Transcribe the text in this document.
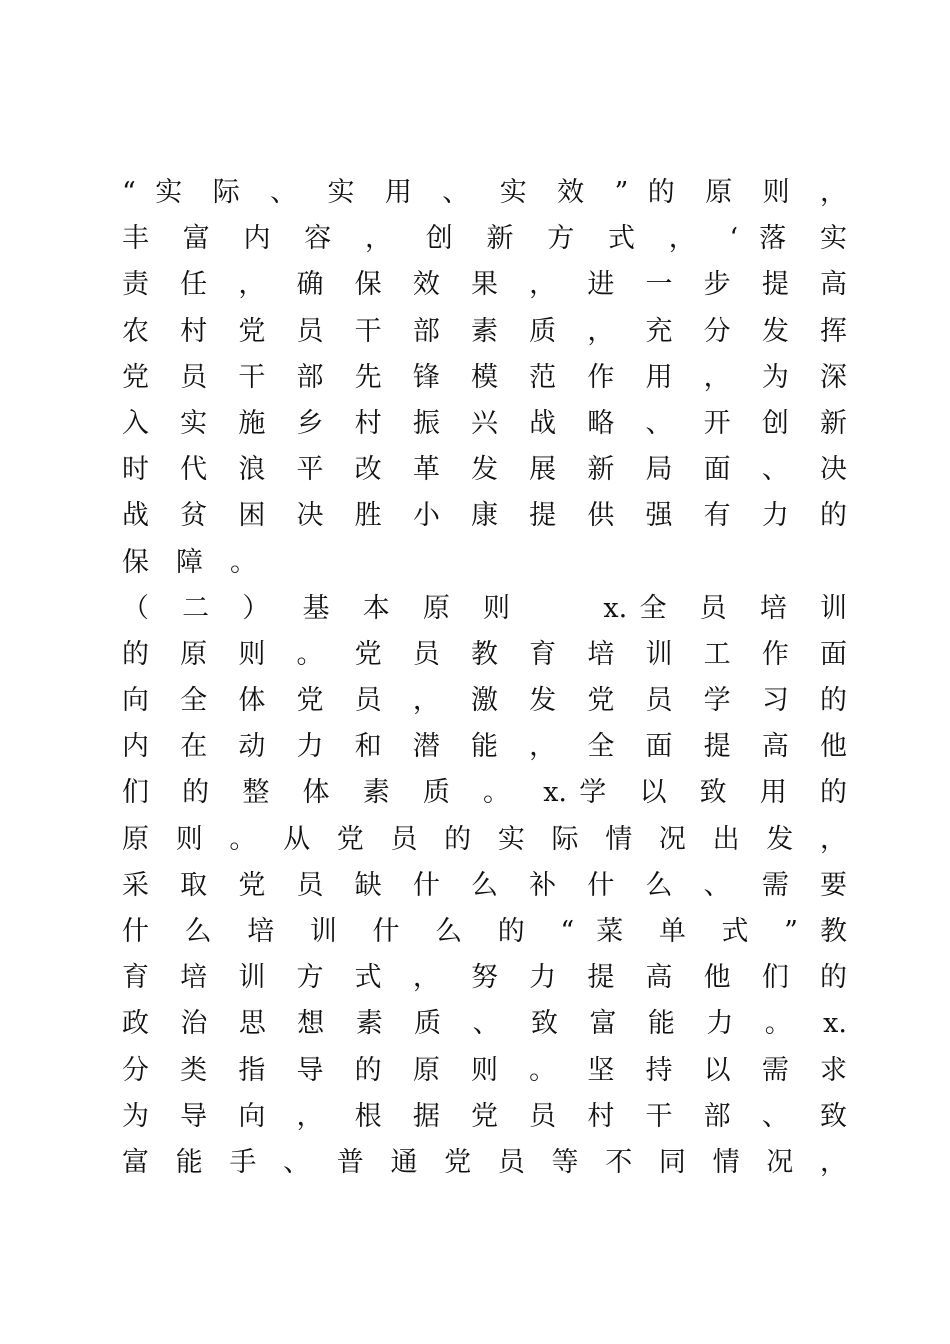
“ 实 际 、 实 用 、 实 效 ” 的 原 则 ，
丰 富 内 容 ， 创 新 方 式 ， ‘ 落 实
责 任 ， 确 保 效 果 ， 进 一 步 提 高
农 村 党 员 干 部 素 质 ， 充 分 发 挥
党 员 干 部 先 锋 模 范 作 用 ， 为 深
入 实 施 乡 村 振 兴 战 略 、 开 创 新
时 代 浪 平 改 革 发 展 新 局 面 、 决
战 贫 困 决 胜 小 康 提 供 强 有 力 的
保障。
（ 二 ） 基 本 原 则 　 x.全 员 培 训
的 原 则 。 党 员 教 育 培 训 工 作 面
向 全 体 党 员 ， 激 发 党 员 学 习 的
内 在 动 力 和 潜 能 ， 全 面 提 高 他
们 的 整 体 素 质 。 x.学 以 致 用 的
原 则 。 从 党 员 的 实 际 情 况 出 发 ，
采 取 党 员 缺 什 么 补 什 么 、 需 要
什 么 培 训 什 么 的 “ 菜 单 式 ” 教
育 培 训 方 式 ， 努 力 提 高 他 们 的
政 治 思 想 素 质 、 致 富 能 力 。 x.
分 类 指 导 的 原 则 。 坚 持 以 需 求
为 导 向 ， 根 据 党 员 村 干 部 、 致
富 能 手 、 普 通 党 员 等 不 同 情 况 ，
